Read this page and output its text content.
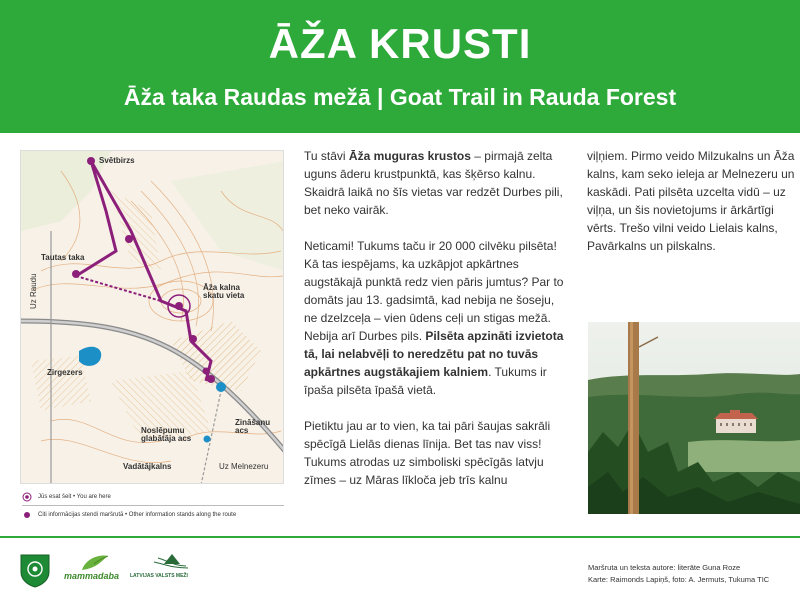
ĀŽA KRUSTI
Āža taka Raudas mežā | Goat Trail in Rauda Forest
Svētbirzs
Tautas taka
Uz Raudu	Āža kalna
skatu vieta
Zirgezers
Zināšanu
acs
Noslēpumu
glabātāja acs
Vadātājkalns	Uz Melnezeru
Jūs esat šeit • You are here
Citi informācijas stendi maršrutā • Other information stands along the route

Tu stāvi Āža muguras krustos – pirmajā zelta uguns āderu krustpunktā, kas šķērso kalnu. Skaidrā laikā no šīs vietas var redzēt Durbes pili, bet neko vairāk.

Neticami! Tukums taču ir 20 000 cilvēku pilsēta! Kā tas iespējams, ka uzkāpjot apkārtnes augstākajā punktā redz vien pāris jumtus? Par to domāts jau 13. gadsimtā, kad nebija ne šoseju, ne dzelzceļa – vien ūdens ceļi un stigas mežā. Nebija arī Durbes pils. Pilsēta apzināti izvietota tā, lai nelabvēļi to neredzētu pat no tuvās apkārtnes augstākajiem kalniem. Tukums ir īpaša pilsēta īpašā vietā.

Pietiktu jau ar to vien, ka tai pāri šaujas sakrāli spēcīgā Lielās dienas līnija. Bet tas nav viss! Tukums atrodas uz simboliski spēcīgās latvju zīmes – uz Māras līkloča jeb trīs kalnu

viļņiem. Pirmo veido Milzukalns un Āža kalns, kam seko ieleja ar Melnezeru un kaskādi. Pati pilsēta uzcelta vidū – uz viļņa, un šis novietojums ir ārkārtīgi vērts. Trešo vilni veido Lielais kalns, Pavārkalns un pilskalns.

mammadaba LATVIJAS VALSTS MEŽI
Maršruta un teksta autore: literāte Guna Roze
Karte: Raimonds Lapiņš, foto: A. Jermuts, Tukuma TIC
